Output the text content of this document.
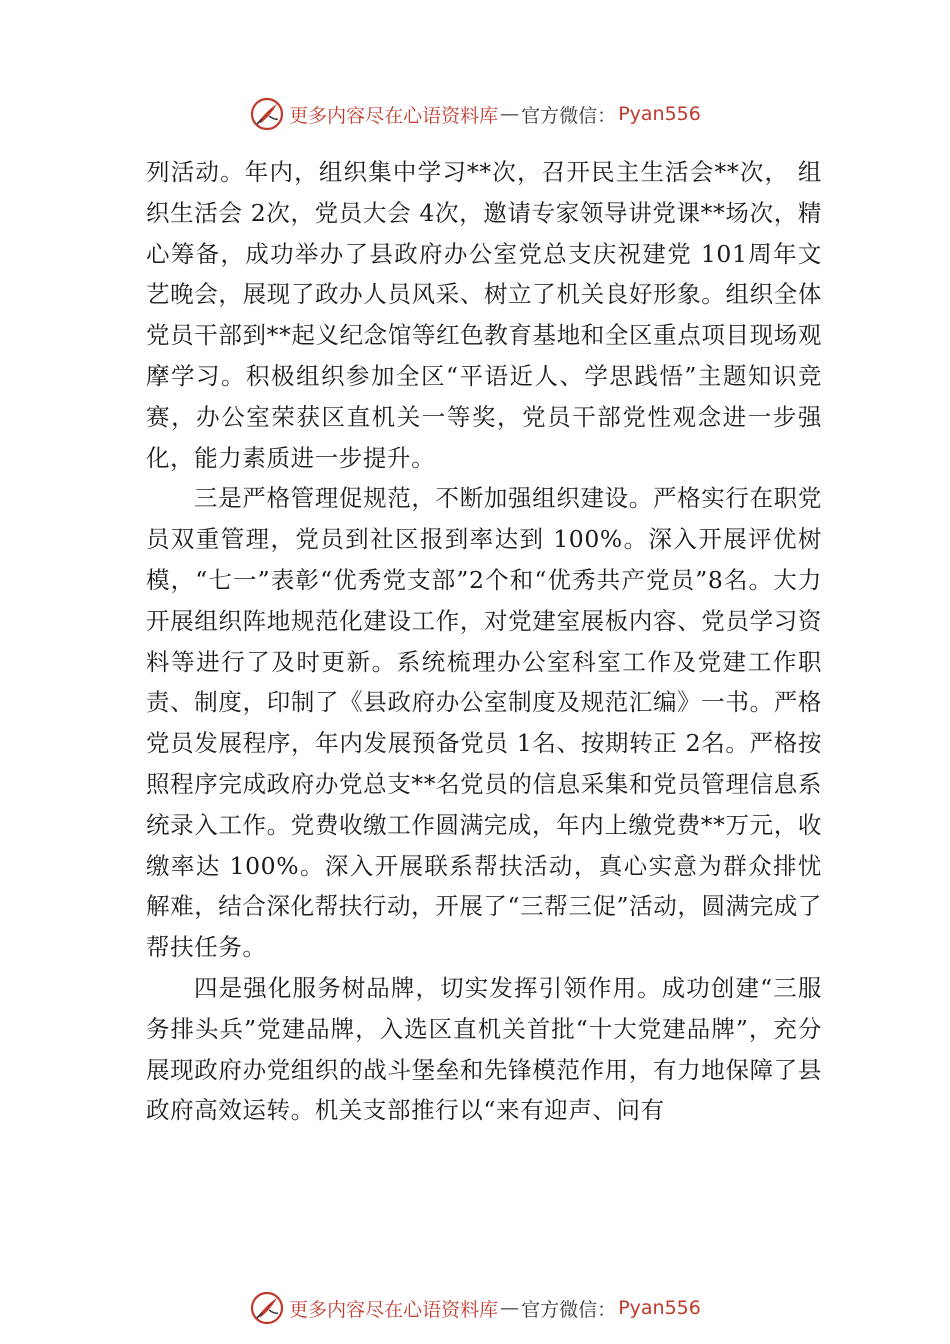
更多内容尽在心语资料库 — 官方微信： Pyan556

列活动。年内，组织集中学习**次，召开民主生活会**次， 组织生活会 2次，党员大会 4次，邀请专家领导讲党课**场次，精心筹备，成功举办了县政府办公室党总支庆祝建党 101周年文艺晚会，展现了政办人员风采、树立了机关良好形象。组织全体党员干部到**起义纪念馆等红色教育基地和全区重点项目现场观摩学习。积极组织参加全区“平语近人、学思践悟”主题知识竞赛，办公室荣获区直机关一等奖，党员干部党性观念进一步强化，能力素质进一步提升。

三是严格管理促规范，不断加强组织建设。严格实行在职党员双重管理，党员到社区报到率达到 100%。深入开展评优树模，“七一”表彰“优秀党支部”2个和“优秀共产党员”8名。大力开展组织阵地规范化建设工作，对党建室展板内容、党员学习资料等进行了及时更新。系统梳理办公室科室工作及党建工作职责、制度，印制了《县政府办公室制度及规范汇编》一书。严格党员发展程序，年内发展预备党员 1名、按期转正 2名。严格按照程序完成政府办党总支**名党员的信息采集和党员管理信息系统录入工作。党费收缴工作圆满完成，年内上缴党费**万元，收缴率达 100%。深入开展联系帮扶活动，真心实意为群众排忧解难，结合深化帮扶行动，开展了“三帮三促”活动，圆满完成了帮扶任务。

四是强化服务树品牌，切实发挥引领作用。成功创建“三服务排头兵”党建品牌，入选区直机关首批“十大党建品牌”，充分展现政府办党组织的战斗堡垒和先锋模范作用，有力地保障了县政府高效运转。机关支部推行以“来有迎声、问有

更多内容尽在心语资料库 — 官方微信： Pyan556
